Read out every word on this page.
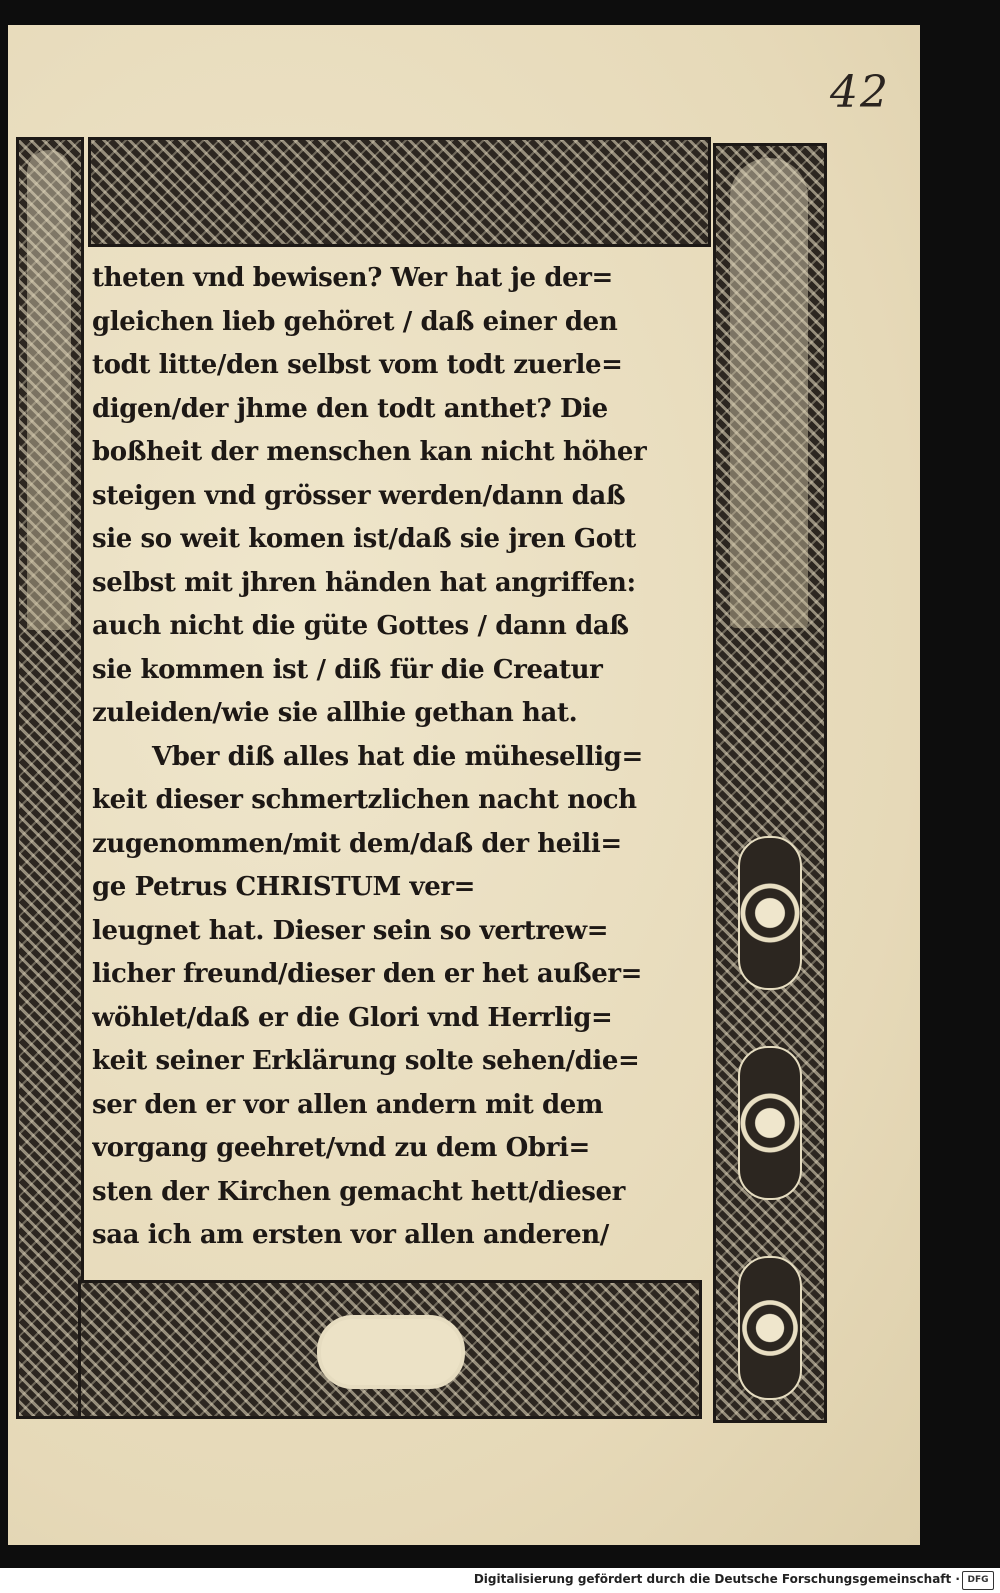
42
theten vnd bewisen? Wer hat je der=
gleichen lieb gehöret / daß einer den
todt litte/den selbst vom todt zuerle=
digen/der jhme den todt anthet? Die
boßheit der menschen kan nicht höher
steigen vnd grösser werden/dann daß
sie so weit komen ist/daß sie jren Gott
selbst mit jhren händen hat angriffen:
auch nicht die güte Gottes / dann daß
sie kommen ist / diß für die Creatur
zuleiden/wie sie allhie gethan hat.
Vber diß alles hat die mühesellig=
keit dieser schmertzlichen nacht noch
zugenommen/mit dem/daß der heili=
ge Petrus CHRISTUM ver=
leugnet hat. Dieser sein so vertrew=
licher freund/dieser den er het außer=
wöhlet/daß er die Glori vnd Herrlig=
keit seiner Erklärung solte sehen/die=
ser den er vor allen andern mit dem
vorgang geehret/vnd zu dem Obri=
sten der Kirchen gemacht hett/dieser
saa ich am ersten vor allen anderen/
Digitalisierung gefördert durch die Deutsche Forschungsgemeinschaft · DFG
